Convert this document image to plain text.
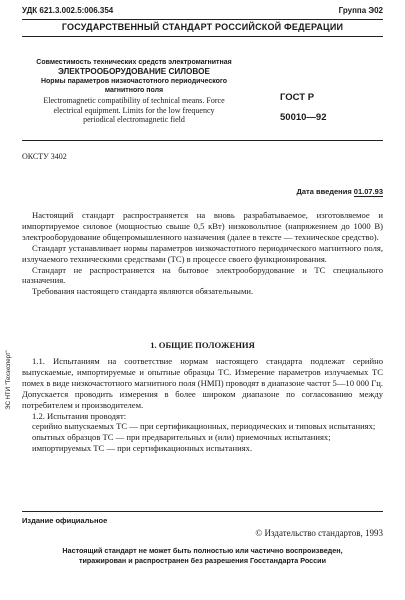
УДК 621.3.002.5:006.354	Группа Э02
ГОСУДАРСТВЕННЫЙ СТАНДАРТ РОССИЙСКОЙ ФЕДЕРАЦИИ
Совместимость технических средств электромагнитная
ЭЛЕКТРООБОРУДОВАНИЕ СИЛОВОЕ
Нормы параметров низкочастотного периодического
магнитного поля
Electromagnetic compatibility of technical means. Force
electrical equipment. Limits for the low frequency
periodical electromagnetic field
ГОСТ Р
50010—92
ОКСТУ 3402
Дата введения 01.07.93

Настоящий стандарт распространяется на вновь разрабатываемое, изготовляемое и импортируемое силовое (мощностью свыше 0,5 кВт) низковольтное (напряжением до 1000 В) электрооборудование общепромышленного назначения (далее в тексте — техническое средство).

Стандарт устанавливает нормы параметров низкочастотного периодического магнитного поля, излучаемого техническими средствами (ТС) в процессе своего функционирования.

Стандарт не распространяется на бытовое электрооборудование и ТС специального назначения.

Требования настоящего стандарта являются обязательными.

1. ОБЩИЕ ПОЛОЖЕНИЯ

1.1. Испытаниям на соответствие нормам настоящего стандарта подлежат серийно выпускаемые, импортируемые и опытные образцы ТС. Измерение параметров излучаемых ТС помех в виде низкочастотного магнитного поля (НМП) проводят в диапазоне частот 5—10 000 Гц. Допускается проводить измерения в более широком диапазоне по согласованию между потребителем и производителем.

1.2. Испытания проводят:

серийно выпускаемых ТС — при сертификационных, периодических и типовых испытаниях;

опытных образцов ТС — при предварительных и (или) приемочных испытаниях;

импортируемых ТС — при сертификационных испытаниях.

ЭС НТИ "Техэксперт"
Издание официальное
© Издательство стандартов, 1993
Настоящий стандарт не может быть полностью или частично воспроизведен,
тиражирован и распространен без разрешения Госстандарта России
